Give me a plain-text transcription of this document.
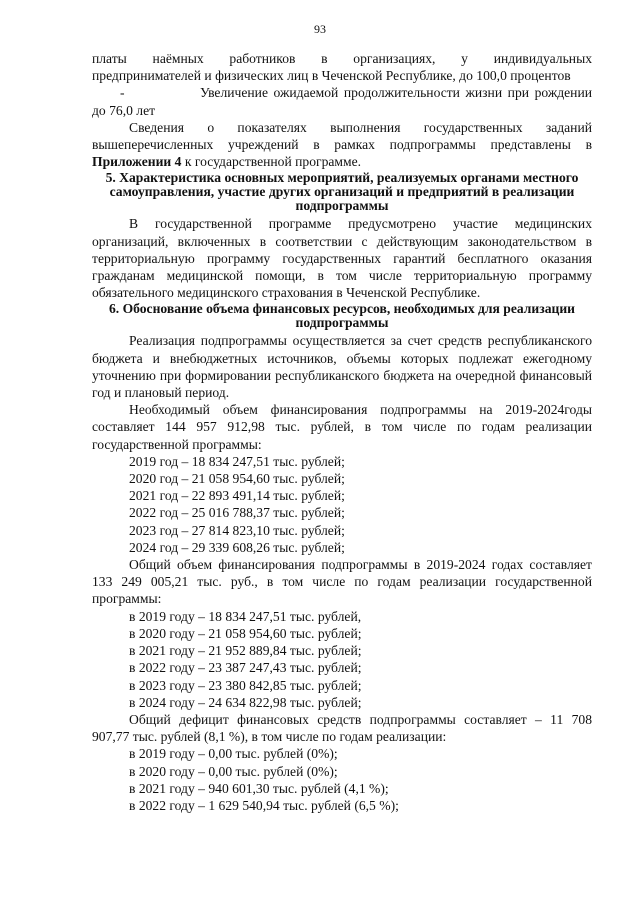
93

платы наёмных работников в организациях, у индивидуальных

предпринимателей и физических лиц в Чеченской Республике, до 100,0 процентов

-	Увеличение ожидаемой продолжительности жизни при рождении до 76,0 лет

Сведения о показателях выполнения государственных заданий вышеперечисленных учреждений в рамках подпрограммы представлены в Приложении 4 к государственной программе.

5. Характеристика основных мероприятий, реализуемых органами местного самоуправления, участие других организаций и предприятий в реализации подпрограммы

В государственной программе предусмотрено участие медицинских организаций, включенных в соответствии с действующим законодательством в территориальную программу государственных гарантий бесплатного оказания гражданам медицинской помощи, в том числе территориальную программу обязательного медицинского страхования в Чеченской Республике.

6. Обоснование объема финансовых ресурсов, необходимых для реализации подпрограммы

Реализация подпрограммы осуществляется за счет средств республиканского бюджета и внебюджетных источников, объемы которых подлежат ежегодному уточнению при формировании республиканского бюджета на очередной финансовый год и плановый период.

Необходимый объем финансирования подпрограммы на 2019-2024годы составляет 144 957 912,98 тыс. рублей, в том числе по годам реализации государственной программы:

2019 год – 18 834 247,51 тыс. рублей;

2020 год – 21 058 954,60 тыс. рублей;

2021 год – 22 893 491,14 тыс. рублей;

2022 год – 25 016 788,37 тыс. рублей;

2023 год – 27 814 823,10 тыс. рублей;

2024 год – 29 339 608,26 тыс. рублей;

Общий объем финансирования подпрограммы в 2019-2024 годах составляет 133 249 005,21 тыс. руб., в том числе по годам реализации государственной программы:

в 2019 году – 18 834 247,51 тыс. рублей,

в 2020 году – 21 058 954,60 тыс. рублей;

в 2021 году – 21 952 889,84 тыс. рублей;

в 2022 году – 23 387 247,43 тыс. рублей;

в 2023 году – 23 380 842,85 тыс. рублей;

в 2024 году – 24 634 822,98 тыс. рублей;

Общий дефицит финансовых средств подпрограммы составляет – 11 708 907,77 тыс. рублей (8,1 %), в том числе по годам реализации:

в 2019 году – 0,00 тыс. рублей (0%);

в 2020 году – 0,00 тыс. рублей (0%);

в 2021 году – 940 601,30 тыс. рублей (4,1 %);

в 2022 году – 1 629 540,94 тыс. рублей (6,5 %);
